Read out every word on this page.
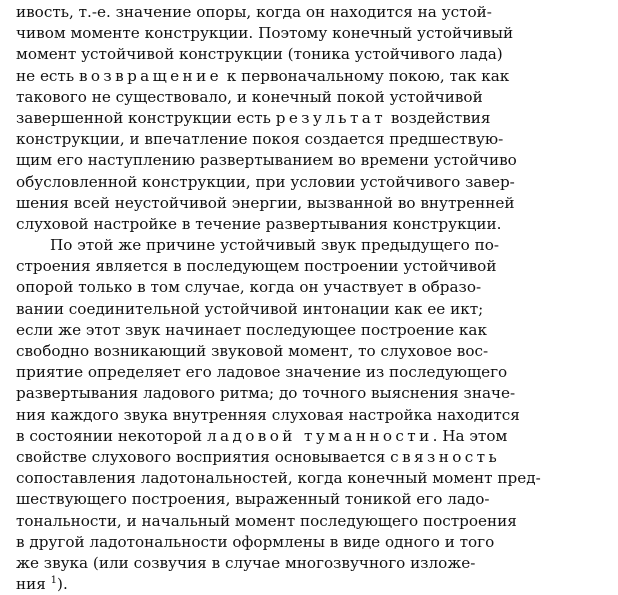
ивость, т.-е. значение опоры, когда он находится на устой-
чивом моменте конструкции. Поэтому конечный устойчивый
момент устойчивой конструкции (тоника устойчивого лада)
не есть возвращение к первоначальному покою, так как
такового не существовало, и конечный покой устойчивой
завершенной конструкции есть результат воздействия
конструкции, и впечатление покоя создается предшествую-
щим его наступлению развертыванием во времени устойчиво
обусловленной конструкции, при условии устойчивого завер-
шения всей неустойчивой энергии, вызванной во внутренней
слуховой настройке в течение развертывания конструкции.
По этой же причине устойчивый звук предыдущего по-
строения является в последующем построении устойчивой
опорой только в том случае, когда он участвует в образо-
вании соединительной устойчивой интонации как ее икт;
если же этот звук начинает последующее построение как
свободно возникающий звуковой момент, то слуховое вос-
приятие определяет его ладовое значение из последующего
развертывания ладового ритма; до точного выяснения значе-
ния каждого звука внутренняя слуховая настройка находится
в состоянии некоторой ладовой туманности. На этом
свойстве слухового восприятия основывается связность
сопоставления ладотональностей, когда конечный момент пред-
шествующего построения, выраженный тоникой его ладо-
тональности, и начальный момент последующего построения
в другой ладотональности оформлены в виде одного и того
же звука (или созвучия в случае многозвучного изложе-
ния $^1$).
